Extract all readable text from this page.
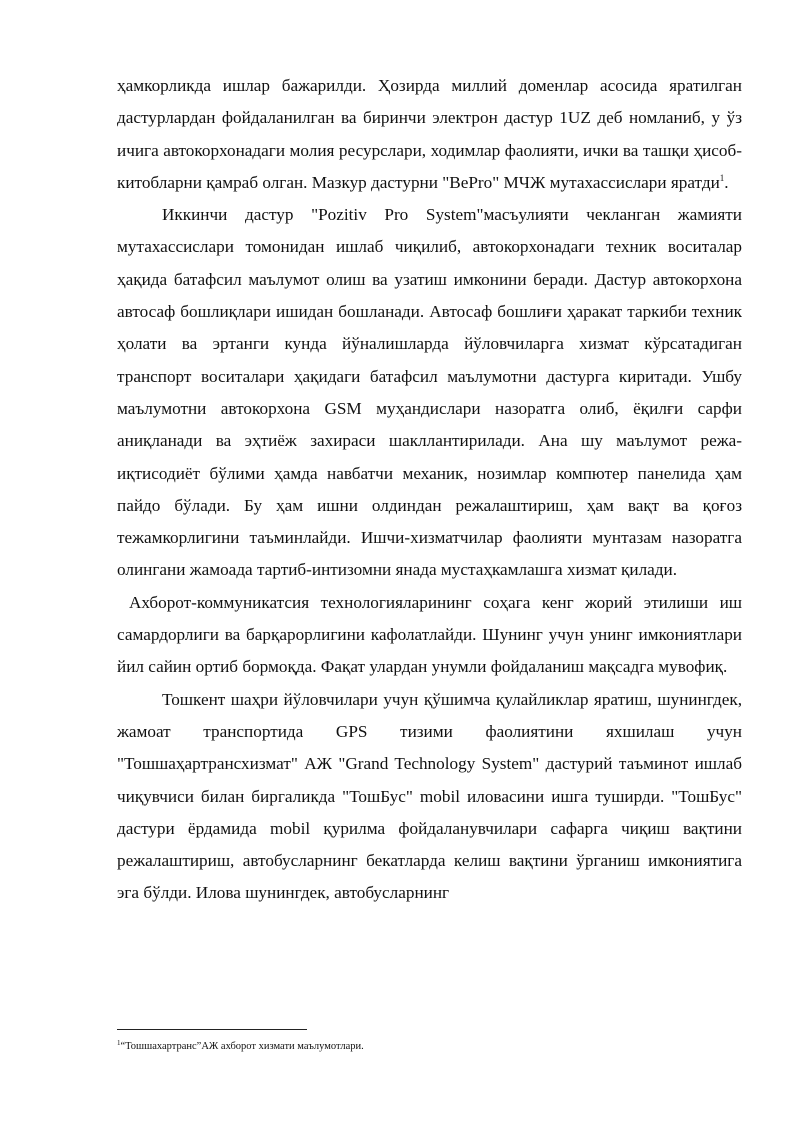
ҳамкорликда ишлар бажарилди. Ҳозирда миллий доменлар асосида яратилган дастурлардан фойдаланилган ва биринчи электрон дастур 1UZ деб номланиб, у ўз ичига автокорхонадаги молия ресурслари, ходимлар фаолияти, ички ва ташқи ҳисоб-китобларни қамраб олган. Мазкур дастурни "BePro" МЧЖ мутахассислари яратди$^1$.

Иккинчи дастур "Pozitiv Pro System"масъулияти чекланган жамияти мутахассислари томонидан ишлаб чиқилиб, автокорхонадаги техник воситалар ҳақида батафсил маълумот олиш ва узатиш имконини беради. Дастур автокорхона автосаф бошлиқлари ишидан бошланади. Автосаф бошлиғи ҳаракат таркиби техник ҳолати ва эртанги кунда йўналишларда йўловчиларга хизмат кўрсатадиган транспорт воситалари ҳақидаги батафсил маълумотни дастурга киритади. Ушбу маълумотни автокорхона GSM муҳандислари назоратга олиб, ёқилғи сарфи аниқланади ва эҳтиёж захираси шакллантирилади. Ана шу маълумот режа-иқтисодиёт бўлими ҳамда навбатчи механик, нозимлар компютер панелида ҳам пайдо бўлади. Бу ҳам ишни олдиндан режалаштириш, ҳам вақт ва қоғоз тежамкорлигини таъминлайди. Ишчи-хизматчилар фаолияти мунтазам назоратга олингани жамоада тартиб-интизомни янада мустаҳкамлашга хизмат қилади.

Ахборот-коммуникатсия технологияларининг соҳага кенг жорий этилиши иш самардорлиги ва барқарорлигини кафолатлайди. Шунинг учун унинг имкониятлари йил сайин ортиб бормоқда. Фақат улардан унумли фойдаланиш мақсадга мувофиқ.

Тошкент шаҳри йўловчилари учун қўшимча қулайликлар яратиш, шунингдек, жамоат транспортида GPS тизими фаолиятини яхшилаш учун "Тошшаҳартрансхизмат" АЖ "Grand Technology System" дастурий таъминот ишлаб чиқувчиси билан биргаликда "ТошБус" mobil иловасини ишга туширди. "ТошБус" дастури ёрдамида mobil қурилма фойдаланувчилари сафарга чиқиш вақтини режалаштириш, автобусларнинг бекатларда келиш вақтини ўрганиш имкониятига эга бўлди. Илова шунингдек, автобусларнинг

$^1$“Тошшахартранс”АЖ ахборот хизмати маълумотлари.
